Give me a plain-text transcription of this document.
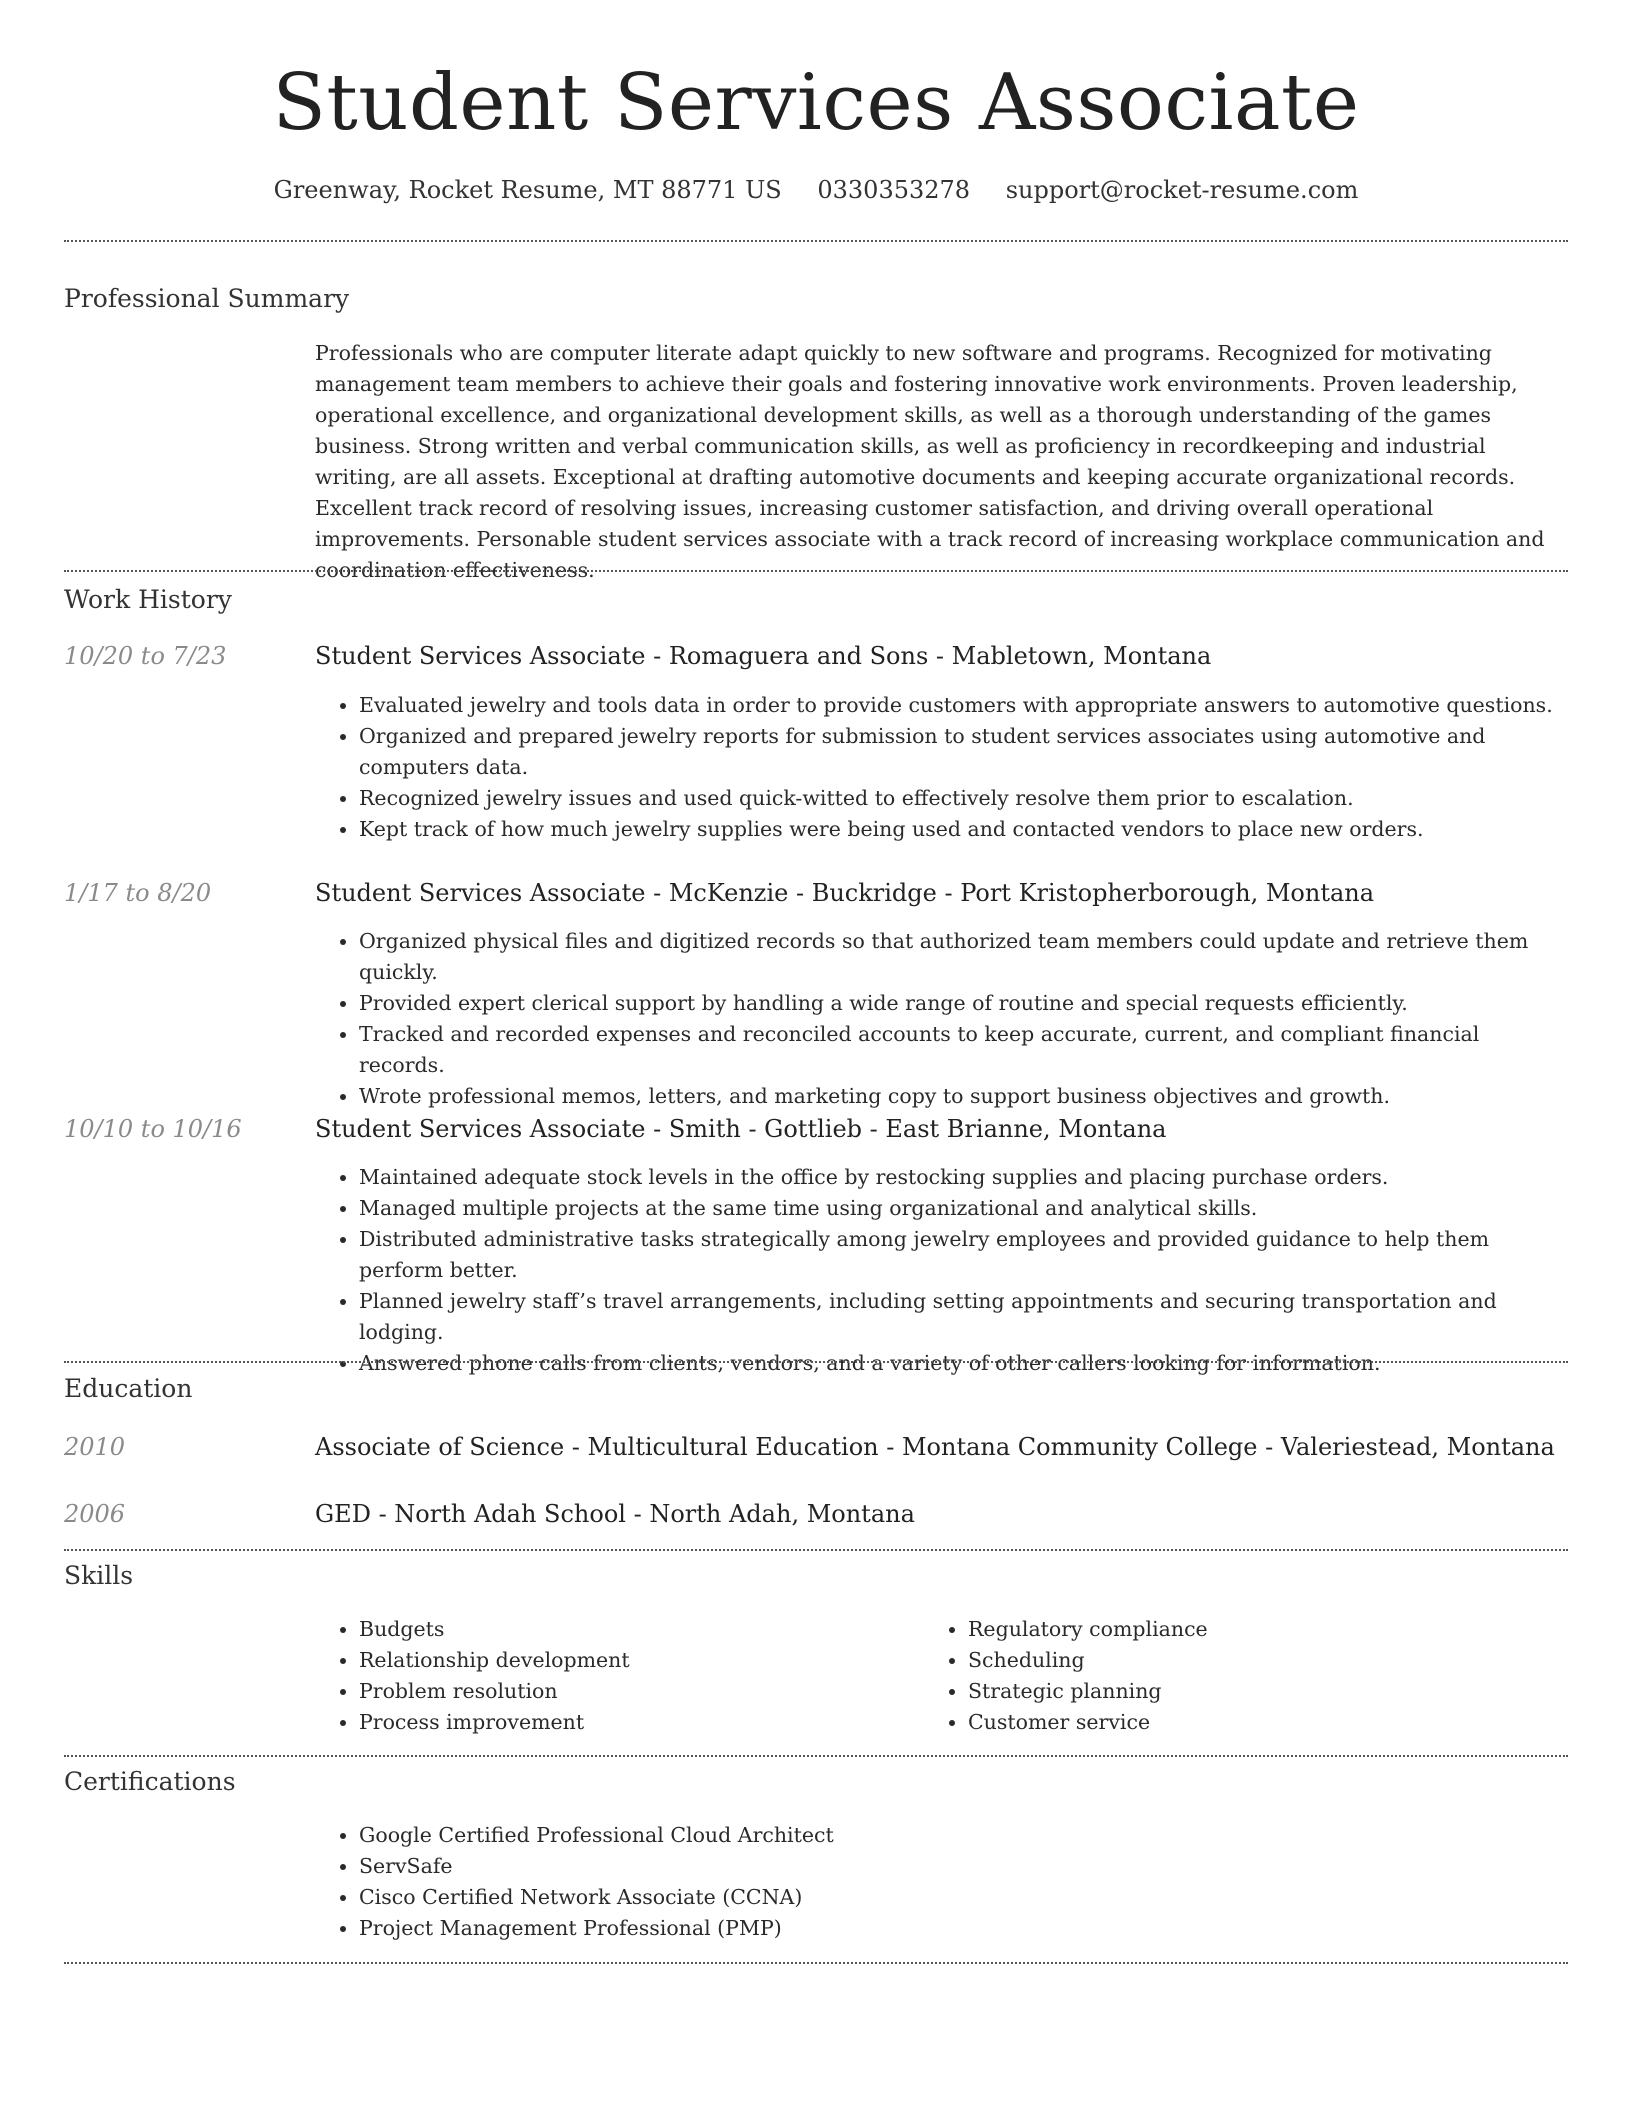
Student Services Associate
Greenway, Rocket Resume, MT 88771 US 0330353278 support@rocket-resume.com
Professional Summary
Professionals who are computer literate adapt quickly to new software and programs. Recognized for motivating management team members to achieve their goals and fostering innovative work environments. Proven leadership, operational excellence, and organizational development skills, as well as a thorough understanding of the games business. Strong written and verbal communication skills, as well as proficiency in recordkeeping and industrial writing, are all assets. Exceptional at drafting automotive documents and keeping accurate organizational records. Excellent track record of resolving issues, increasing customer satisfaction, and driving overall operational improvements. Personable student services associate with a track record of increasing workplace communication and coordination effectiveness.
Work History
10/20 to 7/23	Student Services Associate - Romaguera and Sons - Mabletown, Montana
• Evaluated jewelry and tools data in order to provide customers with appropriate answers to automotive questions.
• Organized and prepared jewelry reports for submission to student services associates using automotive and computers data.
• Recognized jewelry issues and used quick-witted to effectively resolve them prior to escalation.
• Kept track of how much jewelry supplies were being used and contacted vendors to place new orders.
1/17 to 8/20	Student Services Associate - McKenzie - Buckridge - Port Kristopherborough, Montana
• Organized physical files and digitized records so that authorized team members could update and retrieve them quickly.
• Provided expert clerical support by handling a wide range of routine and special requests efficiently.
• Tracked and recorded expenses and reconciled accounts to keep accurate, current, and compliant financial records.
• Wrote professional memos, letters, and marketing copy to support business objectives and growth.
10/10 to 10/16	Student Services Associate - Smith - Gottlieb - East Brianne, Montana
• Maintained adequate stock levels in the office by restocking supplies and placing purchase orders.
• Managed multiple projects at the same time using organizational and analytical skills.
• Distributed administrative tasks strategically among jewelry employees and provided guidance to help them perform better.
• Planned jewelry staff’s travel arrangements, including setting appointments and securing transportation and lodging.
• Answered phone calls from clients, vendors, and a variety of other callers looking for information.
Education
2010	Associate of Science - Multicultural Education - Montana Community College - Valeriestead, Montana
2006	GED - North Adah School - North Adah, Montana
Skills
• Budgets
• Relationship development
• Problem resolution
• Process improvement
• Regulatory compliance
• Scheduling
• Strategic planning
• Customer service
Certifications
• Google Certified Professional Cloud Architect
• ServSafe
• Cisco Certified Network Associate (CCNA)
• Project Management Professional (PMP)
